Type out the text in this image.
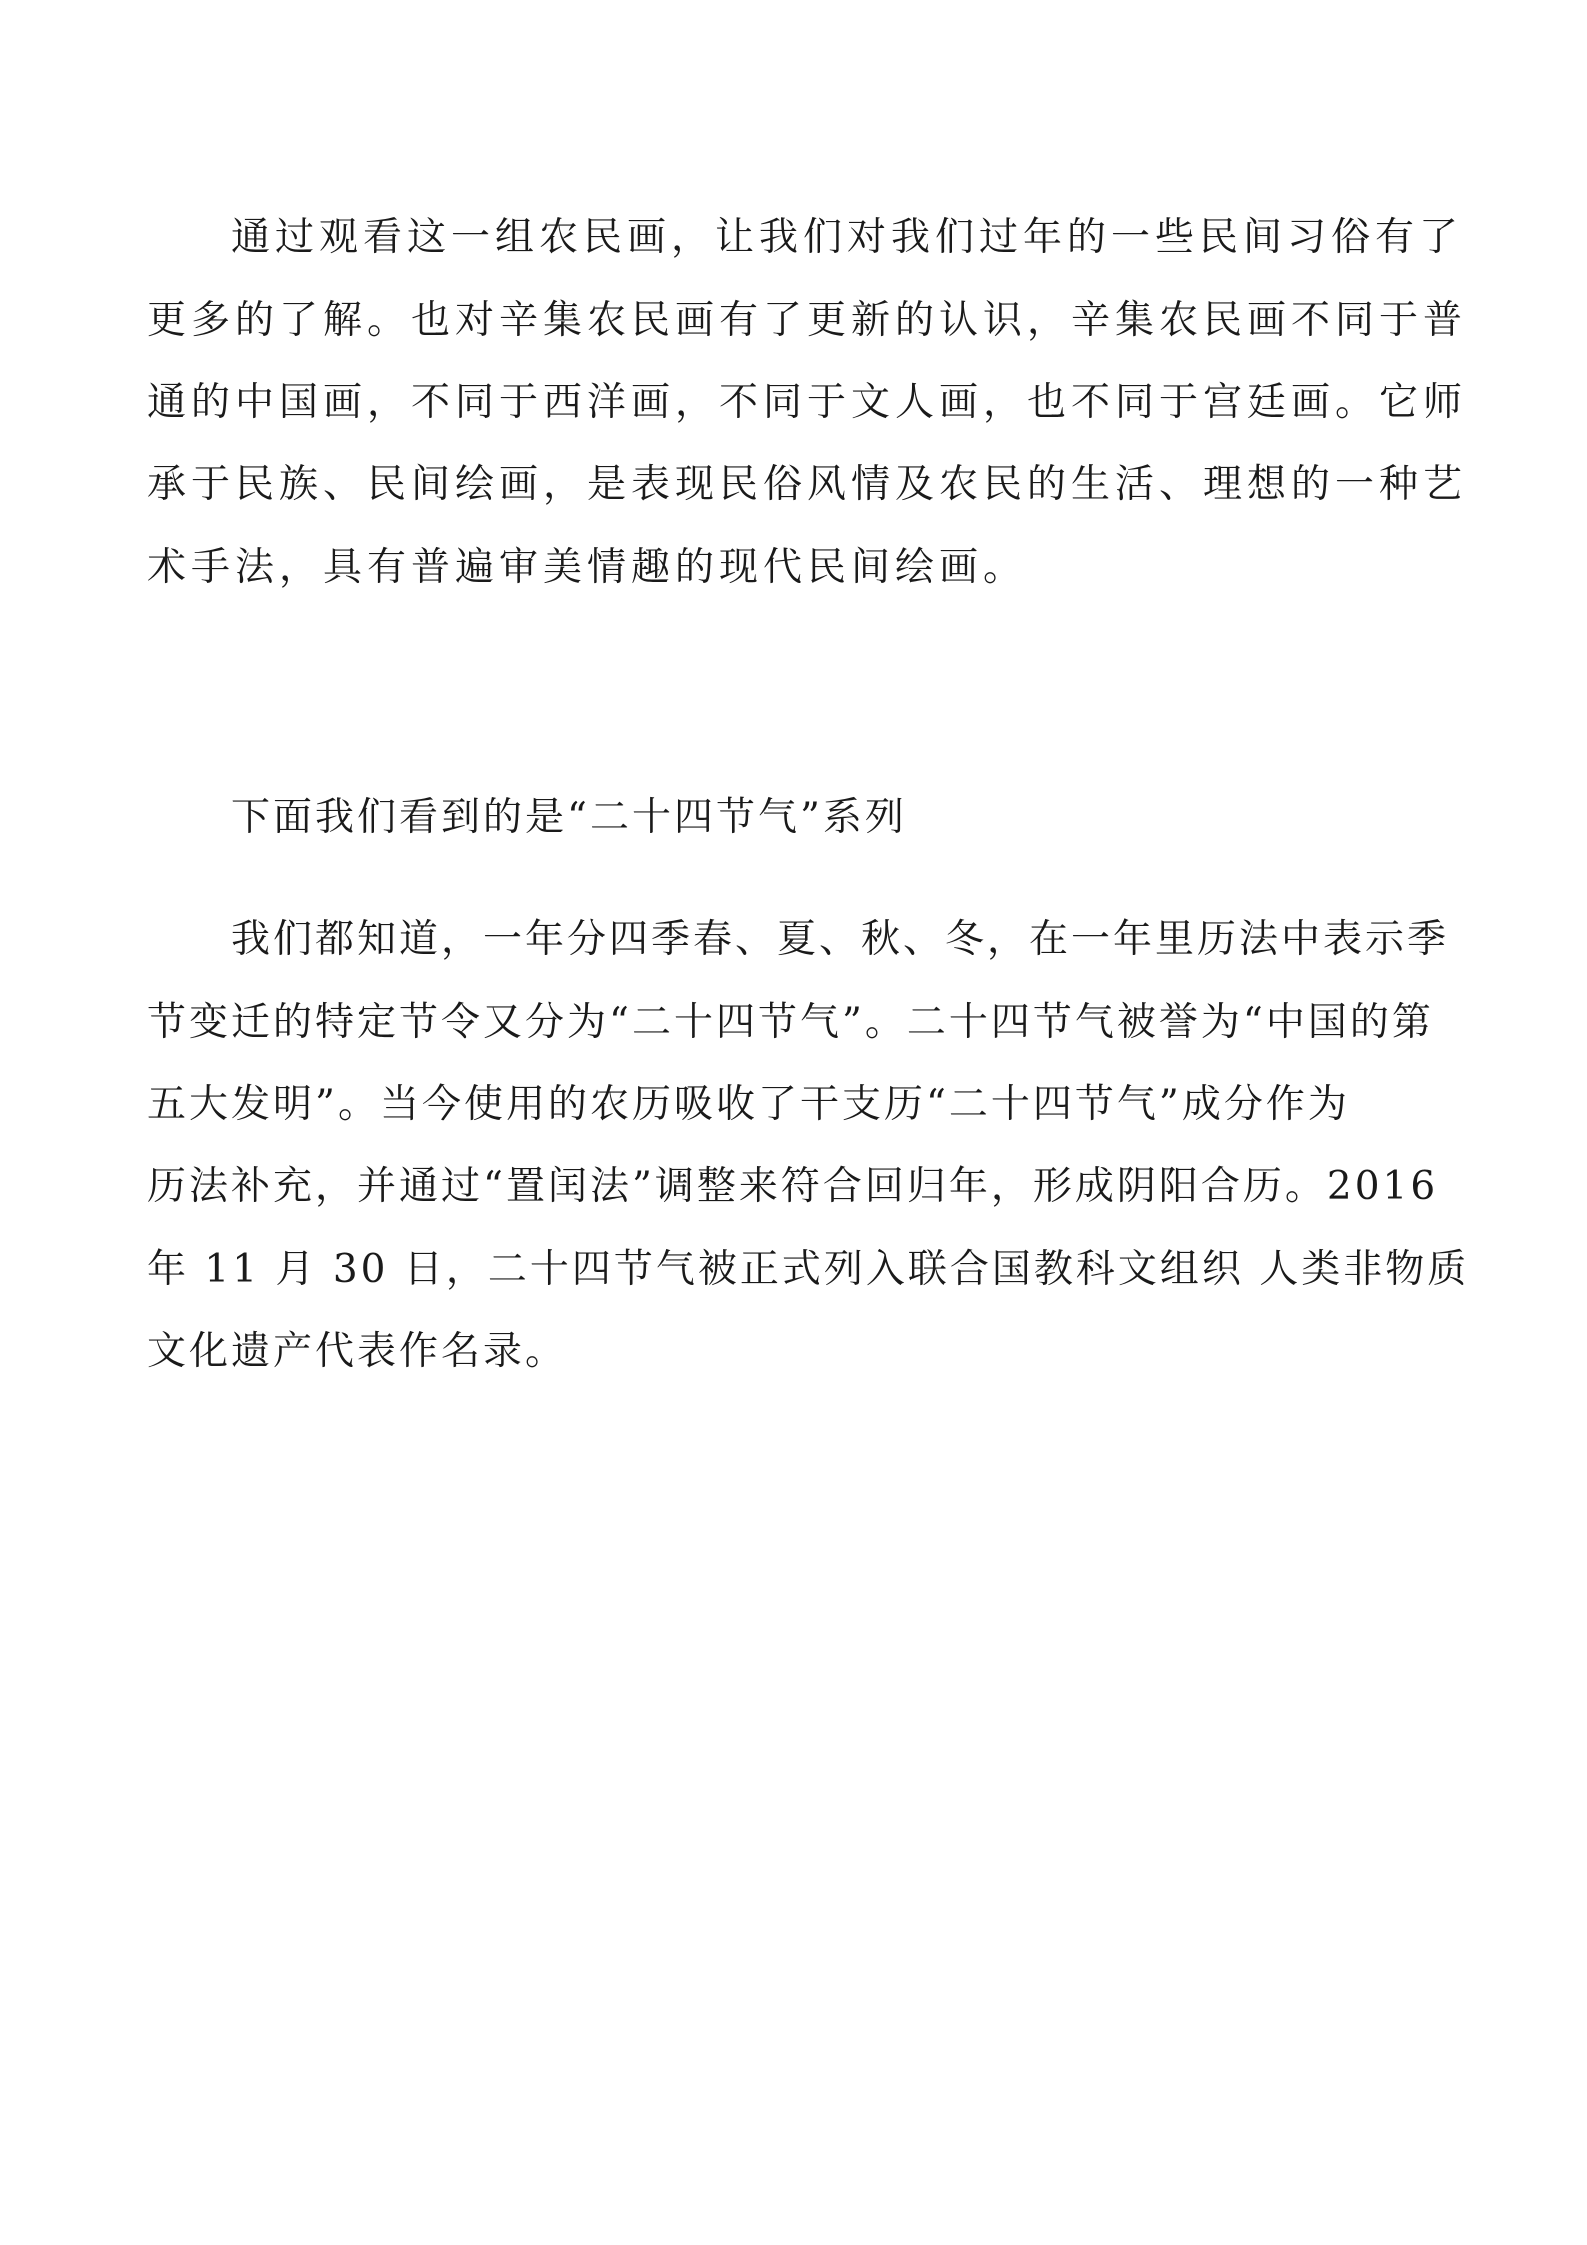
通过观看这一组农民画，让我们对我们过年的一些民间习俗有了

更多的了解。也对辛集农民画有了更新的认识，辛集农民画不同于普

通的中国画，不同于西洋画，不同于文人画，也不同于宫廷画。它师

承于民族、民间绘画，是表现民俗风情及农民的生活、理想的一种艺

术手法，具有普遍审美情趣的现代民间绘画。

下面我们看到的是“二十四节气”系列

我们都知道，一年分四季春、夏、秋、冬，在一年里历法中表示季

节变迁的特定节令又分为“二十四节气”。二十四节气被誉为“中国的第

五大发明”。当今使用的农历吸收了干支历“二十四节气”成分作为

历法补充，并通过“置闰法”调整来符合回归年，形成阴阳合历。2016

年 11 月 30 日，二十四节气被正式列入联合国教科文组织 人类非物质

文化遗产代表作名录。
